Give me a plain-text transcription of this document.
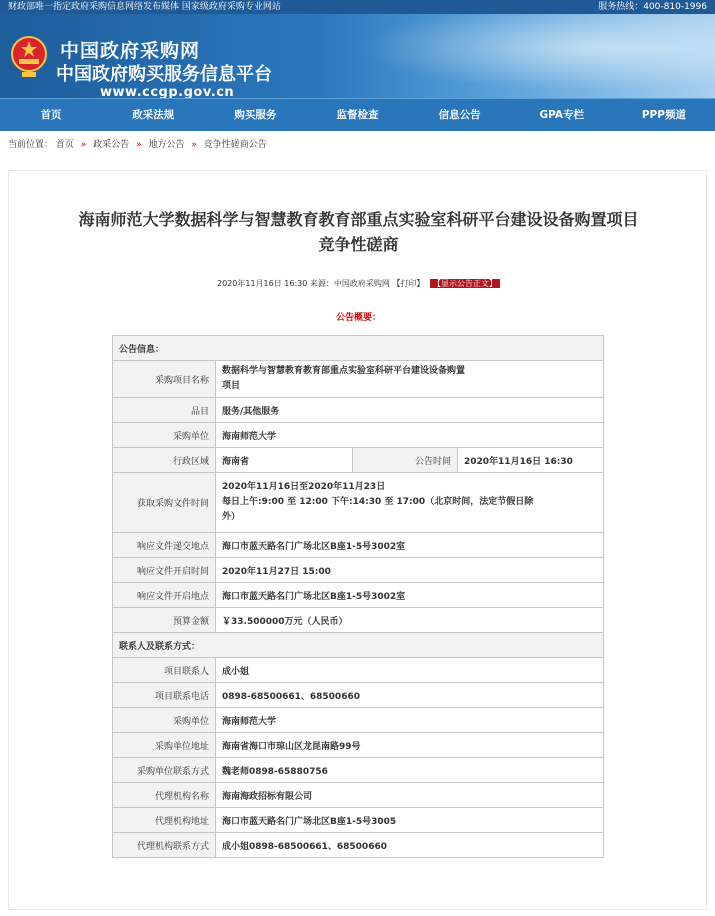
财政部唯一指定政府采购信息网络发布媒体 国家级政府采购专业网站	服务热线：400-810-1996
中国政府采购网
中国政府购买服务信息平台
www.ccgp.gov.cn
首页	政采法规	购买服务	监督检查	信息公告	GPA专栏	PPP频道
当前位置： 首页 » 政采公告 » 地方公告 » 竞争性磋商公告
海南师范大学数据科学与智慧教育教育部重点实验室科研平台建设设备购置项目
竞争性磋商
2020年11月16日 16:30 来源：中国政府采购网 【打印】 【显示公告正文】
公告概要：
公告信息：			
采购项目名称	数据科学与智慧教育教育部重点实验室科研平台建设设备购置
项目		

品目	服务/其他服务		
采购单位	海南师范大学		
行政区域	海南省	公告时间	2020年11月16日 16:30
获取采购文件时间	2020年11月16日至2020年11月23日
每日上午:9:00 至 12:00 下午:14:30 至 17:00（北京时间，法定节假日除
外）		

响应文件递交地点	海口市蓝天路名门广场北区B座1-5号3002室		
响应文件开启时间	2020年11月27日 15:00		
响应文件开启地点	海口市蓝天路名门广场北区B座1-5号3002室		
预算金额	￥33.500000万元（人民币）		
联系人及联系方式：			
项目联系人	成小姐		
项目联系电话	0898-68500661、68500660		
采购单位	海南师范大学		
采购单位地址	海南省海口市琼山区龙昆南路99号		
采购单位联系方式	魏老师0898-65880756		
代理机构名称	海南海政招标有限公司		
代理机构地址	海口市蓝天路名门广场北区B座1-5号3005		
代理机构联系方式	成小姐0898-68500661、68500660		
